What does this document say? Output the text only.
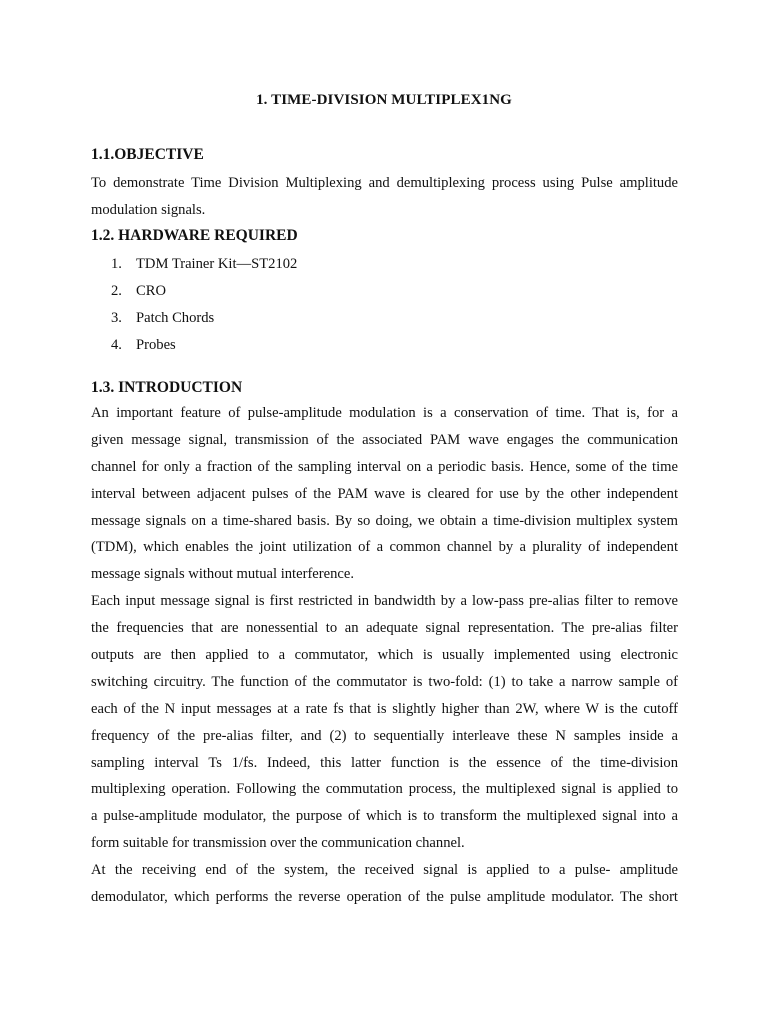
1. TIME-DIVISION MULTIPLEX1NG
1.1.OBJECTIVE
To demonstrate Time Division Multiplexing and demultiplexing process using Pulse amplitude
modulation signals.
1.2. HARDWARE REQUIRED
1. TDM Trainer Kit—ST2102
2. CRO
3. Patch Chords
4. Probes
1.3. INTRODUCTION

An important feature of pulse-amplitude modulation is a conservation of time. That is, for a
given message signal, transmission of the associated PAM wave engages the communication
channel for only a fraction of the sampling interval on a periodic basis. Hence, some of the time
interval between adjacent pulses of the PAM wave is cleared for use by the other independent
message signals on a time-shared basis. By so doing, we obtain a time-division multiplex system
(TDM), which enables the joint utilization of a common channel by a plurality of independent
message signals without mutual interference.

Each input message signal is first restricted in bandwidth by a low-pass pre-alias filter to remove
the frequencies that are nonessential to an adequate signal representation. The pre-alias filter
outputs are then applied to a commutator, which is usually implemented using electronic
switching circuitry. The function of the commutator is two-fold: (1) to take a narrow sample of
each of the N input messages at a rate fs that is slightly higher than 2W, where W is the cutoff
frequency of the pre-alias filter, and (2) to sequentially interleave these N samples inside a
sampling interval Ts 1/fs. Indeed, this latter function is the essence of the time-division
multiplexing operation. Following the commutation process, the multiplexed signal is applied to
a pulse-amplitude modulator, the purpose of which is to transform the multiplexed signal into a
form suitable for transmission over the communication channel.

At the receiving end of the system, the received signal is applied to a pulse- amplitude
demodulator, which performs the reverse operation of the pulse amplitude modulator. The short
